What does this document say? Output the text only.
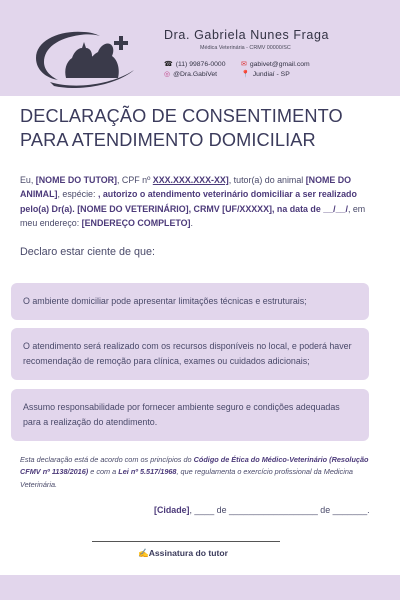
Dra. Gabriela Nunes Fraga
Médica Veterinária - CRMV 00000/SC
☎ (11) 99876-0000 ✉ gabivet@gmail.com
◎ @Dra.GabiVet	📍 Jundiaí - SP
DECLARAÇÃO DE CONSENTIMENTO
PARA ATENDIMENTO DOMICILIAR
Eu, [NOME DO TUTOR], CPF nº XXX.XXX.XXX-XX], tutor(a) do animal [NOME DO ANIMAL], espécie: , autorizo o atendimento veterinário domiciliar a ser realizado pelo(a) Dr(a). [NOME DO VETERINÁRIO], CRMV [UF/XXXXX], na data de __/__/, em meu endereço: [ENDEREÇO COMPLETO].
Declaro estar ciente de que:
O ambiente domiciliar pode apresentar limitações técnicas e estruturais;
O atendimento será realizado com os recursos disponíveis no local, e poderá haver recomendação de remoção para clínica, exames ou cuidados adicionais;
Assumo responsabilidade por fornecer ambiente seguro e condições adequadas para a realização do atendimento.
Esta declaração está de acordo com os princípios do Código de Ética do Médico-Veterinário (Resolução CFMV nº 1138/2016) e com a Lei nº 5.517/1968, que regulamenta o exercício profissional da Medicina Veterinária.
[Cidade], ____ de __________________ de _______.
✍Assinatura do tutor
